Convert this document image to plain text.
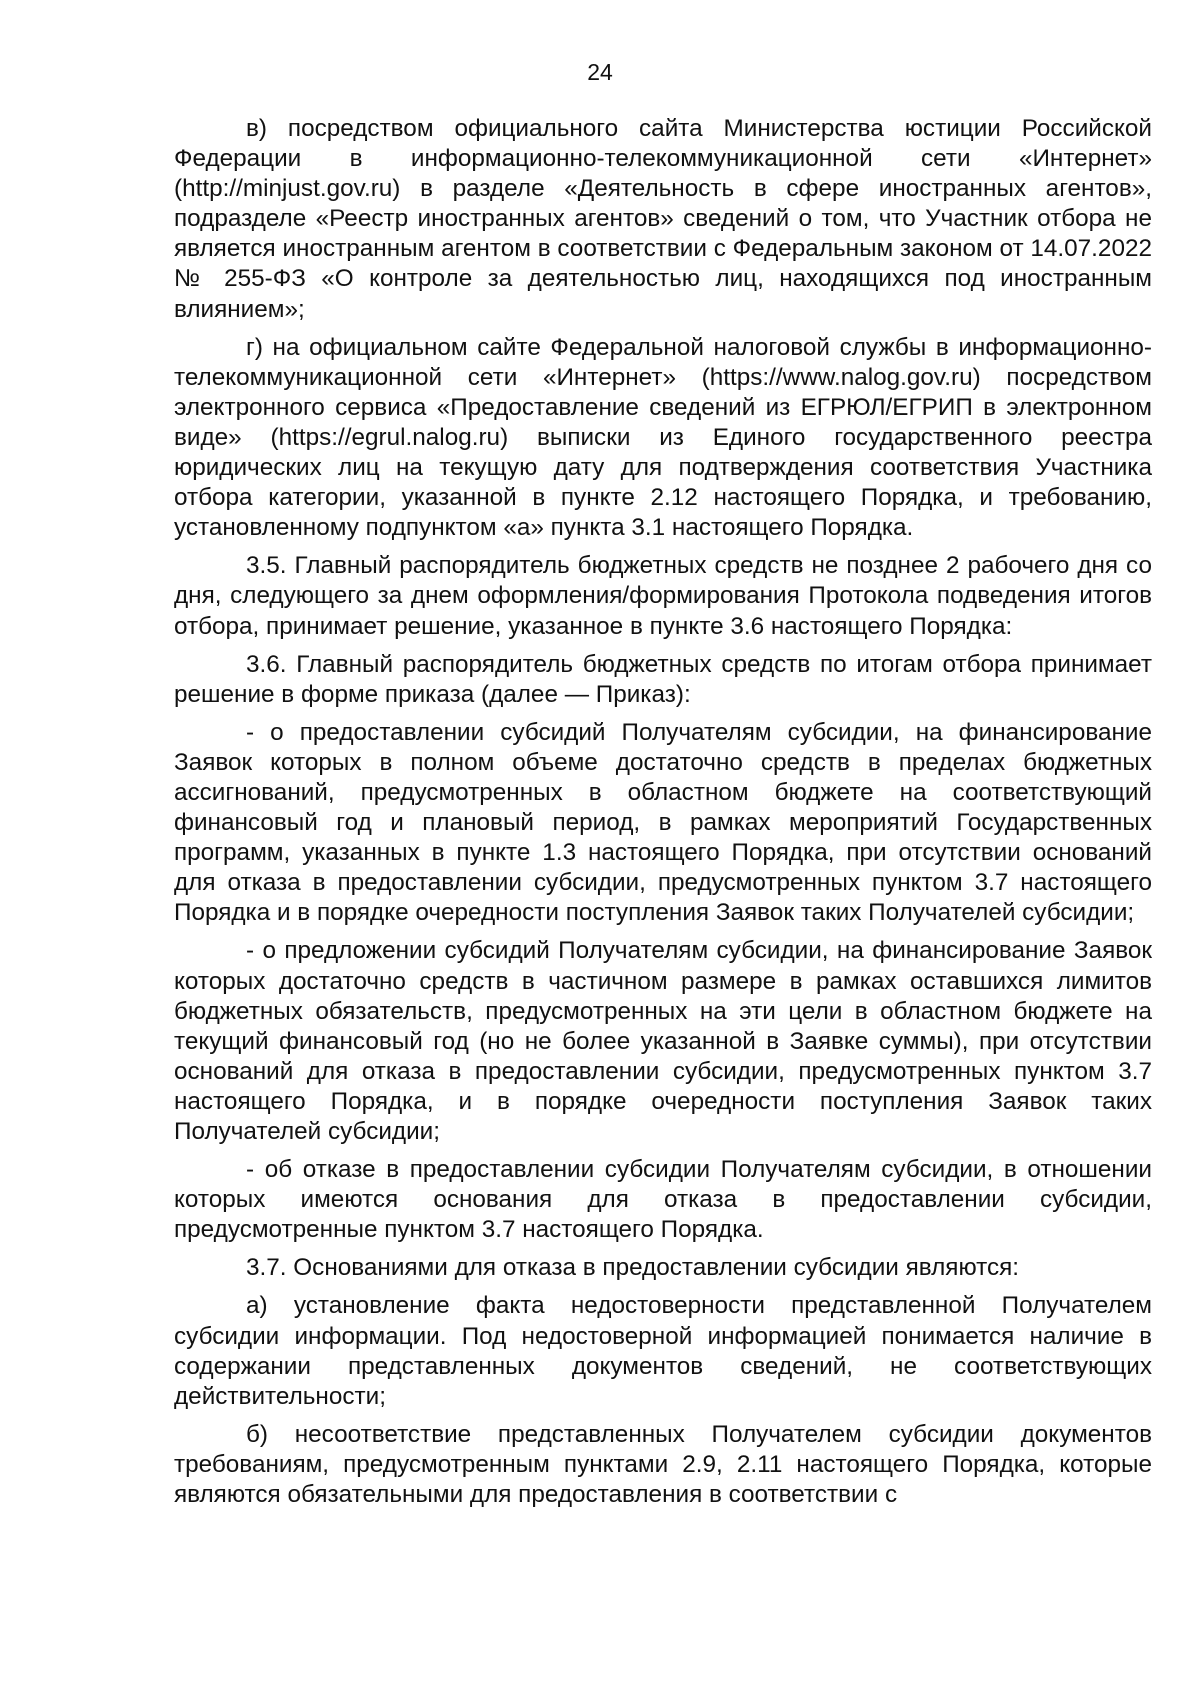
24

в) посредством официального сайта Министерства юстиции Российской Федерации в информационно-телекоммуникационной сети «Интернет» (http://minjust.gov.ru) в разделе «Деятельность в сфере иностранных агентов», подразделе «Реестр иностранных агентов» сведений о том, что Участник отбора не является иностранным агентом в соответствии с Федеральным законом от 14.07.2022 № 255-ФЗ «О контроле за деятельностью лиц, находящихся под иностранным влиянием»;

г) на официальном сайте Федеральной налоговой службы в информационно-телекоммуникационной сети «Интернет» (https://www.nalog.gov.ru) посредством электронного сервиса «Предоставление сведений из ЕГРЮЛ/ЕГРИП в электронном виде» (https://egrul.nalog.ru) выписки из Единого государственного реестра юридических лиц на текущую дату для подтверждения соответствия Участника отбора категории, указанной в пункте 2.12 настоящего Порядка, и требованию, установленному подпунктом «а» пункта 3.1 настоящего Порядка.

3.5. Главный распорядитель бюджетных средств не позднее 2 рабочего дня со дня, следующего за днем оформления/формирования Протокола подведения итогов отбора, принимает решение, указанное в пункте 3.6 настоящего Порядка:

3.6. Главный распорядитель бюджетных средств по итогам отбора принимает решение в форме приказа (далее — Приказ):

- о предоставлении субсидий Получателям субсидии, на финансирование Заявок которых в полном объеме достаточно средств в пределах бюджетных ассигнований, предусмотренных в областном бюджете на соответствующий финансовый год и плановый период, в рамках мероприятий Государственных программ, указанных в пункте 1.3 настоящего Порядка, при отсутствии оснований для отказа в предоставлении субсидии, предусмотренных пунктом 3.7 настоящего Порядка и в порядке очередности поступления Заявок таких Получателей субсидии;

- о предложении субсидий Получателям субсидии, на финансирование Заявок которых достаточно средств в частичном размере в рамках оставшихся лимитов бюджетных обязательств, предусмотренных на эти цели в областном бюджете на текущий финансовый год (но не более указанной в Заявке суммы), при отсутствии оснований для отказа в предоставлении субсидии, предусмотренных пунктом 3.7 настоящего Порядка, и в порядке очередности поступления Заявок таких Получателей субсидии;

- об отказе в предоставлении субсидии Получателям субсидии, в отношении которых имеются основания для отказа в предоставлении субсидии, предусмотренные пунктом 3.7 настоящего Порядка.

3.7. Основаниями для отказа в предоставлении субсидии являются:

а) установление факта недостоверности представленной Получателем субсидии информации. Под недостоверной информацией понимается наличие в содержании представленных документов сведений, не соответствующих действительности;

б) несоответствие представленных Получателем субсидии документов требованиям, предусмотренным пунктами 2.9, 2.11 настоящего Порядка, которые являются обязательными для предоставления в соответствии с
